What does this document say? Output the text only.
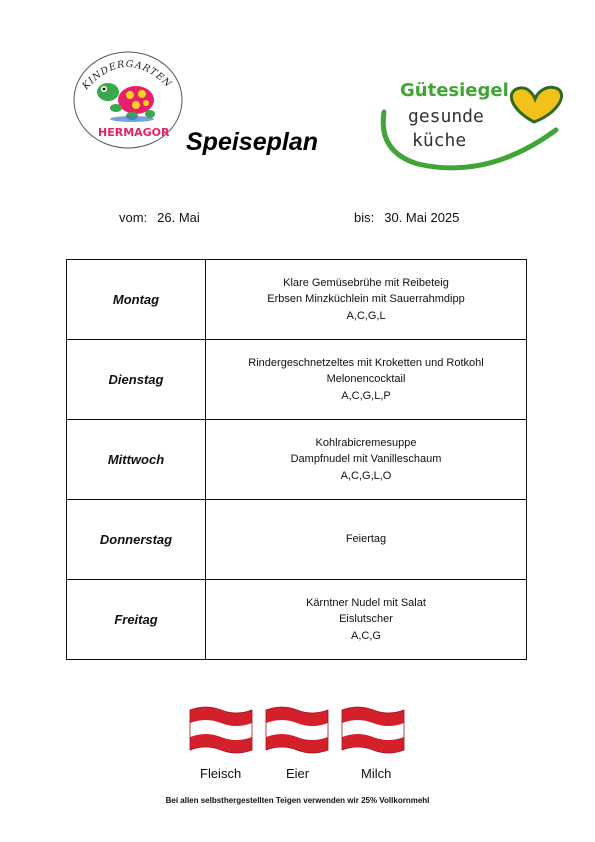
KINDERGARTEN
HERMAGOR
Gütesiegel
gesunde
küche
Speiseplan
vom: 26. Mai	bis: 30. Mai 2025
Montag	Klare Gemüsebrühe mit Reibeteig
Erbsen Minzküchlein mit Sauerrahmdipp
A,C,G,L

Dienstag	Rindergeschnetzeltes mit Kroketten und Rotkohl
Melonencocktail
A,C,G,L,P

Mittwoch	Kohlrabicremesuppe
Dampfnudel mit Vanilleschaum
A,C,G,L,O

Donnerstag	Feiertag

Freitag	Kärntner Nudel mit Salat
Eislutscher
A,C,G
Fleisch	Eier	Milch
Bei allen selbsthergestellten Teigen verwenden wir 25% Vollkornmehl
